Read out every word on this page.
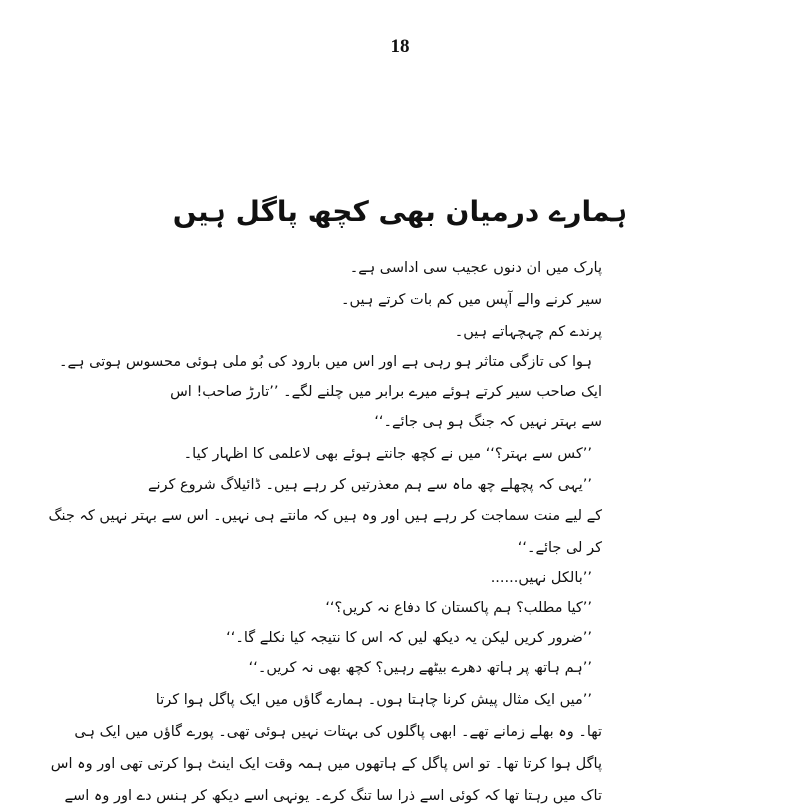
18
ہمارے درمیان بھی کچھ پاگل ہیں
پارک میں ان دنوں عجیب سی اداسی ہے۔
سیر کرنے والے آپس میں کم بات کرتے ہیں۔
پرندے کم چہچہاتے ہیں۔
ہوا کی تازگی متاثر ہو رہی ہے اور اس میں بارود کی بُو ملی ہوئی محسوس ہوتی ہے۔
ایک صاحب سیر کرتے ہوئے میرے برابر میں چلنے لگے۔ ’’تارڑ صاحب! اس
سے بہتر نہیں کہ جنگ ہو ہی جائے۔‘‘
’’کس سے بہتر؟‘‘ میں نے کچھ جانتے ہوئے بھی لاعلمی کا اظہار کیا۔
’’یہی کہ پچھلے چھ ماہ سے ہم معذرتیں کر رہے ہیں۔ ڈائیلاگ شروع کرنے
کے لیے منت سماجت کر رہے ہیں اور وہ ہیں کہ مانتے ہی نہیں۔ اس سے بہتر نہیں کہ جنگ
کر لی جائے۔‘‘
’’بالکل نہیں......
’’کیا مطلب؟ ہم پاکستان کا دفاع نہ کریں؟‘‘
’’ضرور کریں لیکن یہ دیکھ لیں کہ اس کا نتیجہ کیا نکلے گا۔‘‘
’’ہم ہاتھ پر ہاتھ دھرے بیٹھے رہیں؟ کچھ بھی نہ کریں۔‘‘
’’میں ایک مثال پیش کرنا چاہتا ہوں۔ ہمارے گاؤں میں ایک پاگل ہوا کرتا
تھا۔ وہ بھلے زمانے تھے۔ ابھی پاگلوں کی بہتات نہیں ہوئی تھی۔ پورے گاؤں میں ایک ہی
پاگل ہوا کرتا تھا۔ تو اس پاگل کے ہاتھوں میں ہمہ وقت ایک اینٹ ہوا کرتی تھی اور وہ اس
تاک میں رہتا تھا کہ کوئی اسے ذرا سا تنگ کرے۔ یونہی اسے دیکھ کر ہنس دے اور وہ اسے
